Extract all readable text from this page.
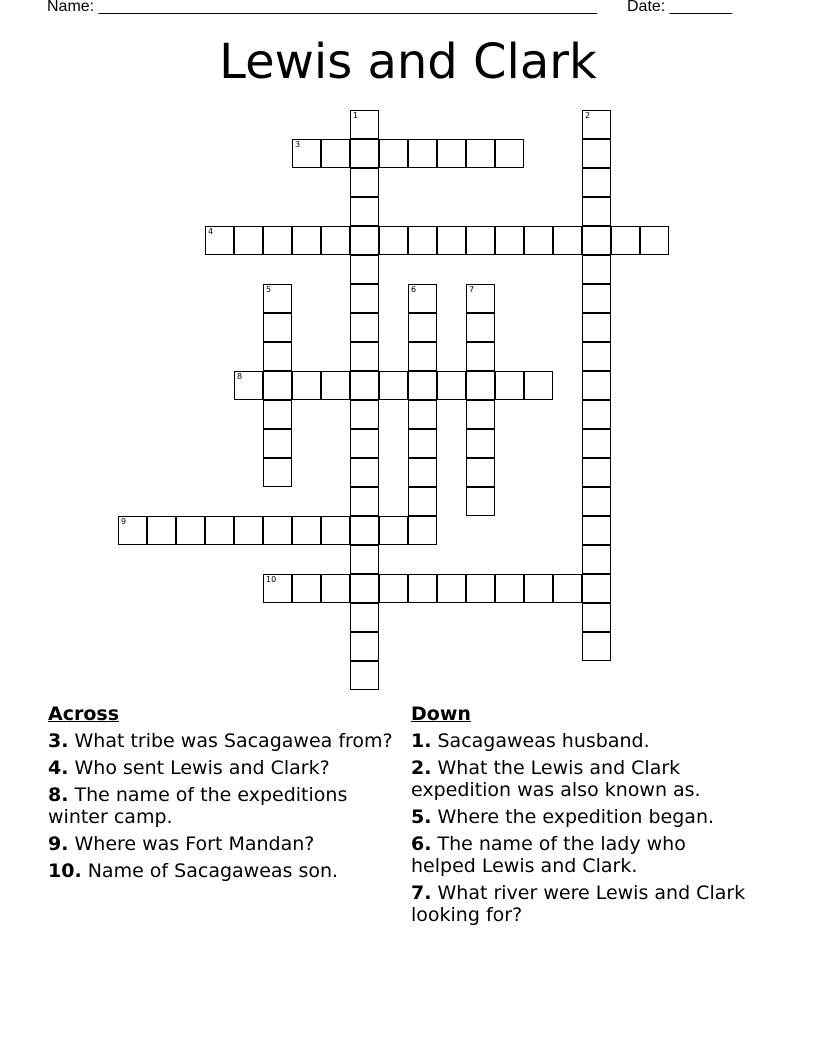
Name: ________________________________________________________ Date: _______
Lewis and Clark
1	2
3
4
5	6	7
8
9
10
Across
3. What tribe was Sacagawea from?
4. Who sent Lewis and Clark?
8. The name of the expeditions winter camp.
9. Where was Fort Mandan?
10. Name of Sacagaweas son.
Down
1. Sacagaweas husband.
2. What the Lewis and Clark expedition was also known as.
5. Where the expedition began.
6. The name of the lady who helped Lewis and Clark.
7. What river were Lewis and Clark looking for?
